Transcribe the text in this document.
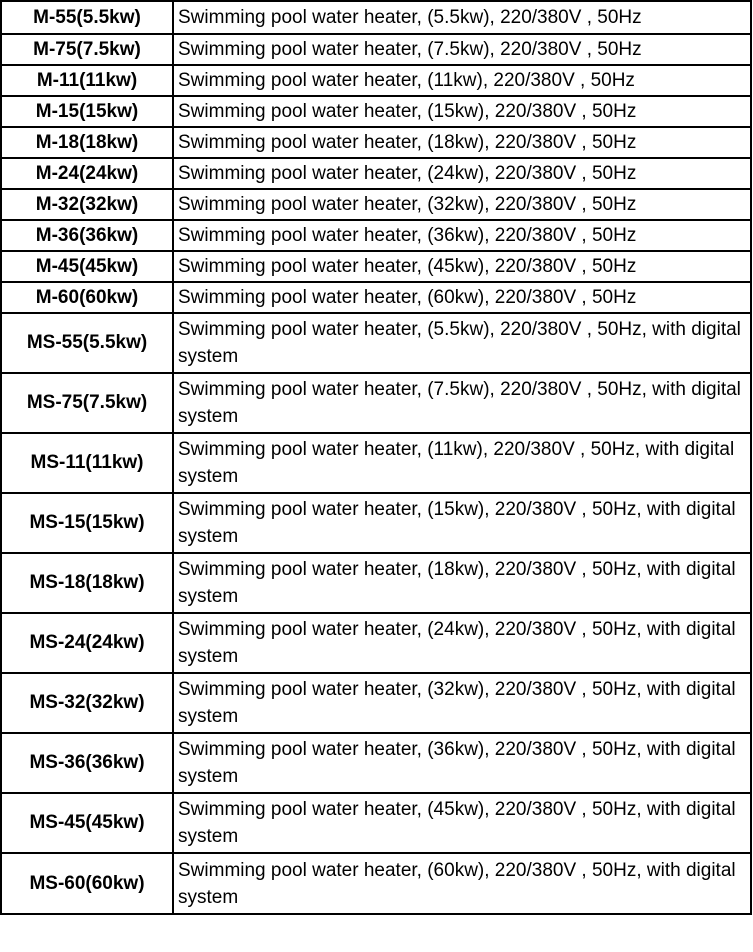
M-55(5.5kw)	Swimming pool water heater, (5.5kw), 220/380V , 50Hz
M-75(7.5kw)	Swimming pool water heater, (7.5kw), 220/380V , 50Hz
M-11(11kw)	Swimming pool water heater, (11kw), 220/380V , 50Hz
M-15(15kw)	Swimming pool water heater, (15kw), 220/380V , 50Hz
M-18(18kw)	Swimming pool water heater, (18kw), 220/380V , 50Hz
M-24(24kw)	Swimming pool water heater, (24kw), 220/380V , 50Hz
M-32(32kw)	Swimming pool water heater, (32kw), 220/380V , 50Hz
M-36(36kw)	Swimming pool water heater, (36kw), 220/380V , 50Hz
M-45(45kw)	Swimming pool water heater, (45kw), 220/380V , 50Hz
M-60(60kw)	Swimming pool water heater, (60kw), 220/380V , 50Hz
MS-55(5.5kw)	Swimming pool water heater, (5.5kw), 220/380V , 50Hz, with digital system
MS-75(7.5kw)	Swimming pool water heater, (7.5kw), 220/380V , 50Hz, with digital system
MS-11(11kw)	Swimming pool water heater, (11kw), 220/380V , 50Hz, with digital system
MS-15(15kw)	Swimming pool water heater, (15kw), 220/380V , 50Hz, with digital system
MS-18(18kw)	Swimming pool water heater, (18kw), 220/380V , 50Hz, with digital system
MS-24(24kw)	Swimming pool water heater, (24kw), 220/380V , 50Hz, with digital system
MS-32(32kw)	Swimming pool water heater, (32kw), 220/380V , 50Hz, with digital system
MS-36(36kw)	Swimming pool water heater, (36kw), 220/380V , 50Hz, with digital system
MS-45(45kw)	Swimming pool water heater, (45kw), 220/380V , 50Hz, with digital system
MS-60(60kw)	Swimming pool water heater, (60kw), 220/380V , 50Hz, with digital system
